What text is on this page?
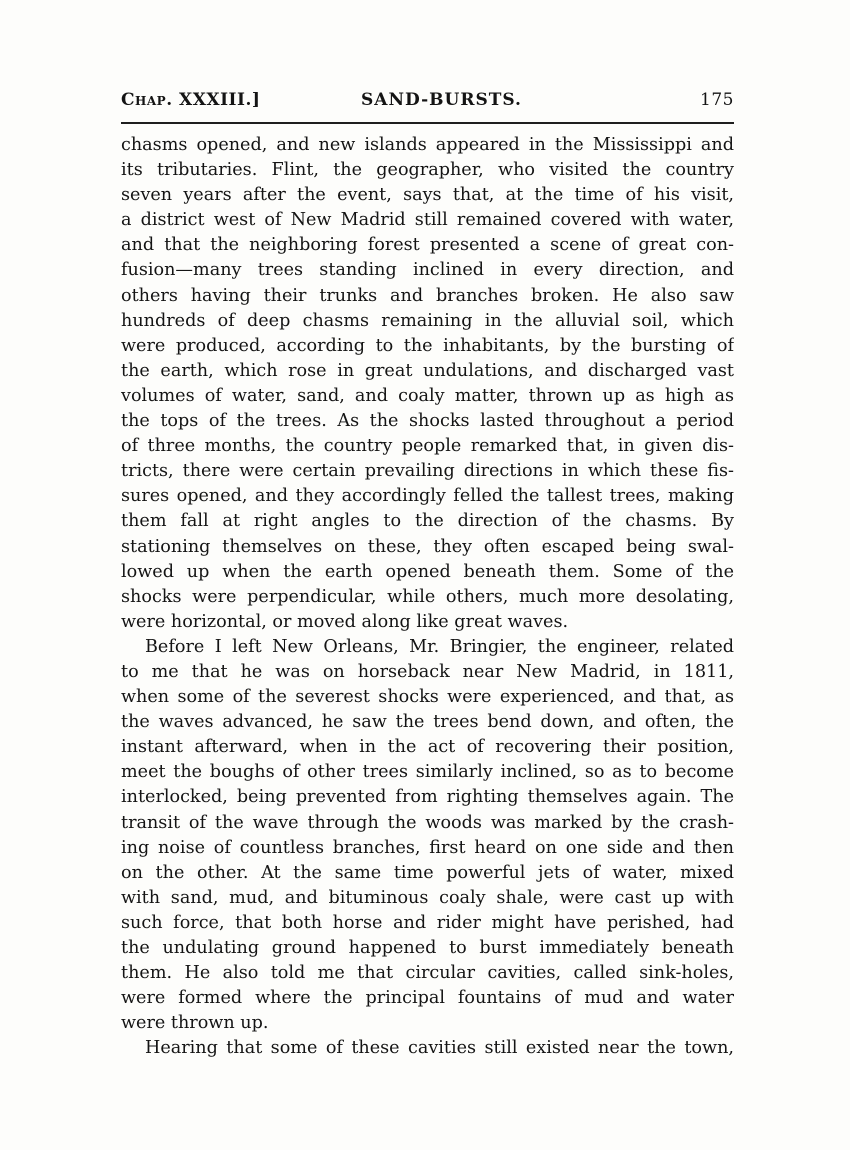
Chap. XXXIII.]	SAND-BURSTS.	175
chasms opened, and new islands appeared in the Mississippi and
its tributaries. Flint, the geographer, who visited the country
seven years after the event, says that, at the time of his visit,
a district west of New Madrid still remained covered with water,
and that the neighboring forest presented a scene of great con-
fusion—many trees standing inclined in every direction, and
others having their trunks and branches broken. He also saw
hundreds of deep chasms remaining in the alluvial soil, which
were produced, according to the inhabitants, by the bursting of
the earth, which rose in great undulations, and discharged vast
volumes of water, sand, and coaly matter, thrown up as high as
the tops of the trees. As the shocks lasted throughout a period
of three months, the country people remarked that, in given dis-
tricts, there were certain prevailing directions in which these fis-
sures opened, and they accordingly felled the tallest trees, making
them fall at right angles to the direction of the chasms. By
stationing themselves on these, they often escaped being swal-
lowed up when the earth opened beneath them. Some of the
shocks were perpendicular, while others, much more desolating,
were horizontal, or moved along like great waves.
Before I left New Orleans, Mr. Bringier, the engineer, related
to me that he was on horseback near New Madrid, in 1811,
when some of the severest shocks were experienced, and that, as
the waves advanced, he saw the trees bend down, and often, the
instant afterward, when in the act of recovering their position,
meet the boughs of other trees similarly inclined, so as to become
interlocked, being prevented from righting themselves again. The
transit of the wave through the woods was marked by the crash-
ing noise of countless branches, first heard on one side and then
on the other. At the same time powerful jets of water, mixed
with sand, mud, and bituminous coaly shale, were cast up with
such force, that both horse and rider might have perished, had
the undulating ground happened to burst immediately beneath
them. He also told me that circular cavities, called sink-holes,
were formed where the principal fountains of mud and water
were thrown up.
Hearing that some of these cavities still existed near the town,
